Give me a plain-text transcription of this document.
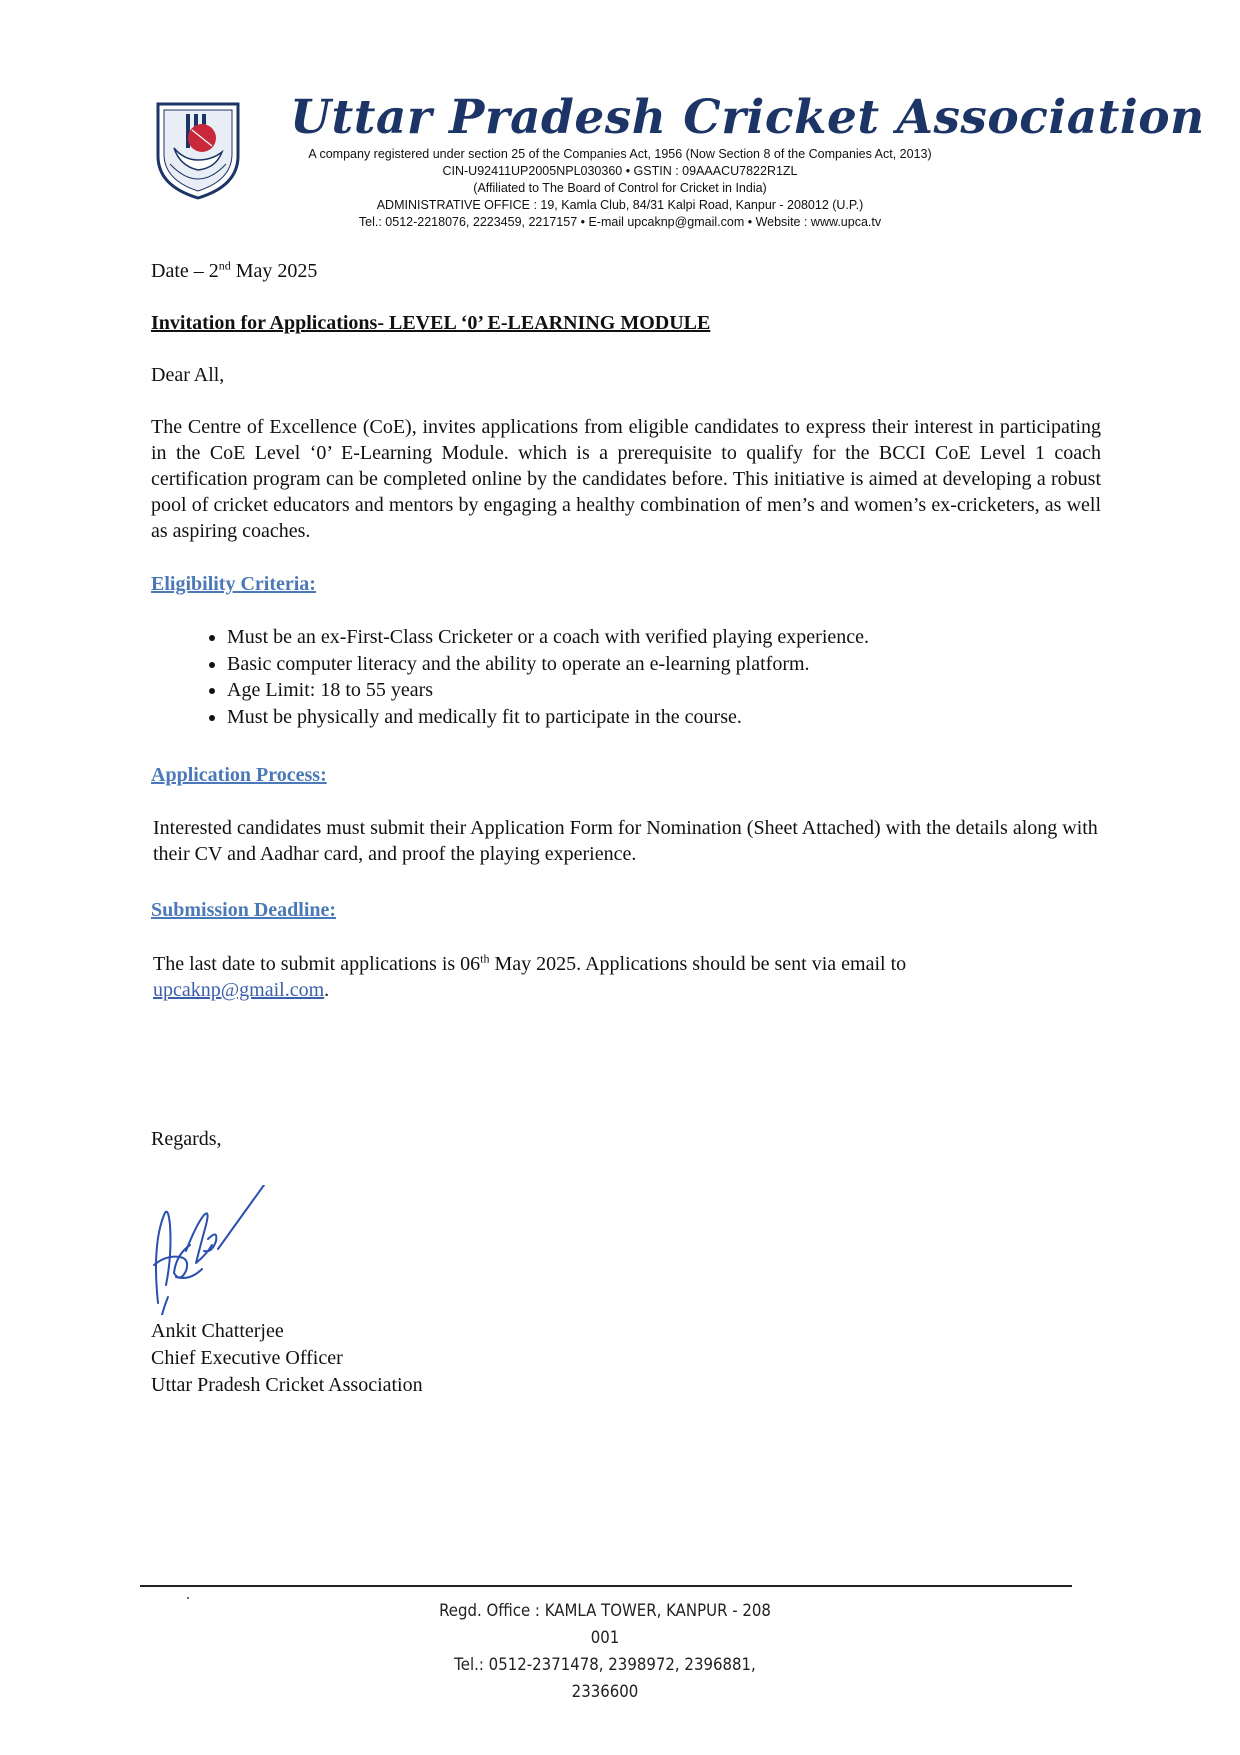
Uttar Pradesh Cricket Association
A company registered under section 25 of the Companies Act, 1956 (Now Section 8 of the Companies Act, 2013)
CIN-U92411UP2005NPL030360 • GSTIN : 09AAACU7822R1ZL
(Affiliated to The Board of Control for Cricket in India)
ADMINISTRATIVE OFFICE : 19, Kamla Club, 84/31 Kalpi Road, Kanpur - 208012 (U.P.)
Tel.: 0512-2218076, 2223459, 2217157 • E-mail upcaknp@gmail.com • Website : www.upca.tv

Date – 2nd May 2025

Invitation for Applications- LEVEL ‘0’ E-LEARNING MODULE

Dear All,

The Centre of Excellence (CoE), invites applications from eligible candidates to express their interest in participating in the CoE Level ‘0’ E-Learning Module. which is a prerequisite to qualify for the BCCI CoE Level 1 coach certification program can be completed online by the candidates before. This initiative is aimed at developing a robust pool of cricket educators and mentors by engaging a healthy combination of men’s and women’s ex-cricketers, as well as aspiring coaches.

Eligibility Criteria:

• Must be an ex-First-Class Cricketer or a coach with verified playing experience.
• Basic computer literacy and the ability to operate an e-learning platform.
• Age Limit: 18 to 55 years
• Must be physically and medically fit to participate in the course.

Application Process:

Interested candidates must submit their Application Form for Nomination (Sheet Attached) with the details along with their CV and Aadhar card, and proof the playing experience.

Submission Deadline:

The last date to submit applications is 06th May 2025. Applications should be sent via email to
upcaknp@gmail.com.

Regards,
Ankit Chatterjee
Chief Executive Officer
Uttar Pradesh Cricket Association
Regd. Office : KAMLA TOWER, KANPUR - 208 001
Tel.: 0512-2371478, 2398972, 2396881, 2336600
